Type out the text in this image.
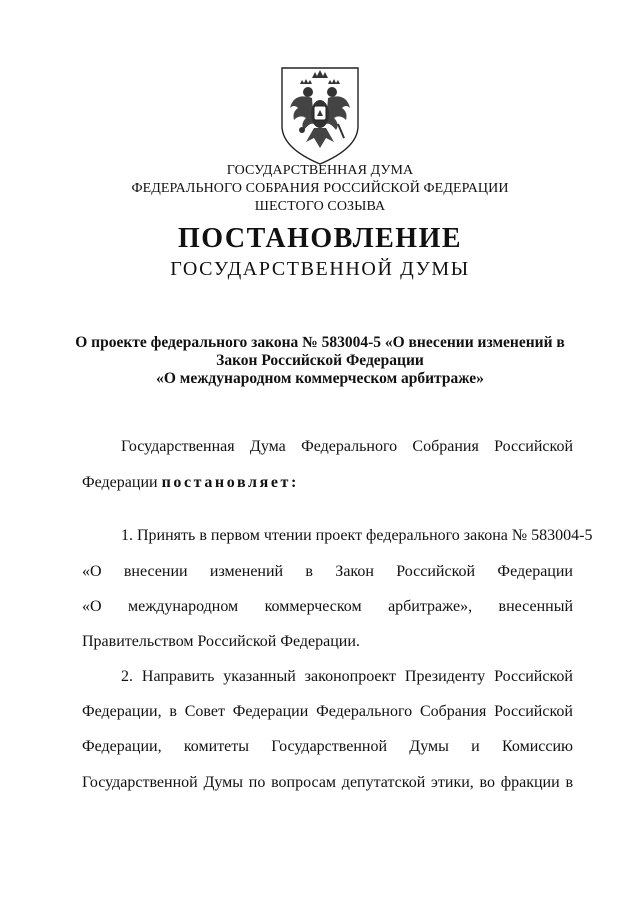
ГОСУДАРСТВЕННАЯ ДУМА
ФЕДЕРАЛЬНОГО СОБРАНИЯ РОССИЙСКОЙ ФЕДЕРАЦИИ
ШЕСТОГО СОЗЫВА
ПОСТАНОВЛЕНИЕ
ГОСУДАРСТВЕННОЙ ДУМЫ
О проекте федерального закона № 583004-5 «О внесении изменений в
Закон Российской Федерации
«О международном коммерческом арбитраже»
Государственная Дума Федерального Собрания Российской
Федерации постановляет:
1. Принять в первом чтении проект федерального закона № 583004-5
«О внесении изменений в Закон Российской Федерации
«О международном коммерческом арбитраже», внесенный
Правительством Российской Федерации.
2. Направить указанный законопроект Президенту Российской
Федерации, в Совет Федерации Федерального Собрания Российской
Федерации, комитеты Государственной Думы и Комиссию
Государственной Думы по вопросам депутатской этики, во фракции в
